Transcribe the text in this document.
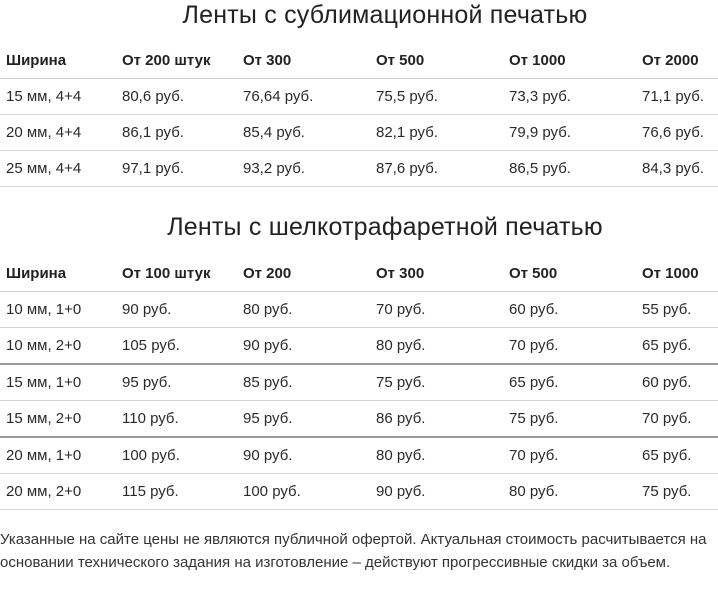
Ленты с сублимационной печатью
Ширина	От 200 штук	От 300	От 500	От 1000	От 2000
15 мм, 4+4	80,6 руб.	76,64 руб.	75,5 руб.	73,3 руб.	71,1 руб.
20 мм, 4+4	86,1 руб.	85,4 руб.	82,1 руб.	79,9 руб.	76,6 руб.
25 мм, 4+4	97,1 руб.	93,2 руб.	87,6 руб.	86,5 руб.	84,3 руб.
Ленты с шелкотрафаретной печатью
Ширина	От 100 штук	От 200	От 300	От 500	От 1000
10 мм, 1+0	90 руб.	80 руб.	70 руб.	60 руб.	55 руб.
10 мм, 2+0	105 руб.	90 руб.	80 руб.	70 руб.	65 руб.
15 мм, 1+0	95 руб.	85 руб.	75 руб.	65 руб.	60 руб.
15 мм, 2+0	110 руб.	95 руб.	86 руб.	75 руб.	70 руб.
20 мм, 1+0	100 руб.	90 руб.	80 руб.	70 руб.	65 руб.
20 мм, 2+0	115 руб.	100 руб.	90 руб.	80 руб.	75 руб.

Указанные на сайте цены не являются публичной офертой. Актуальная стоимость расчитывается на основании технического задания на изготовление – действуют прогрессивные скидки за объем.
